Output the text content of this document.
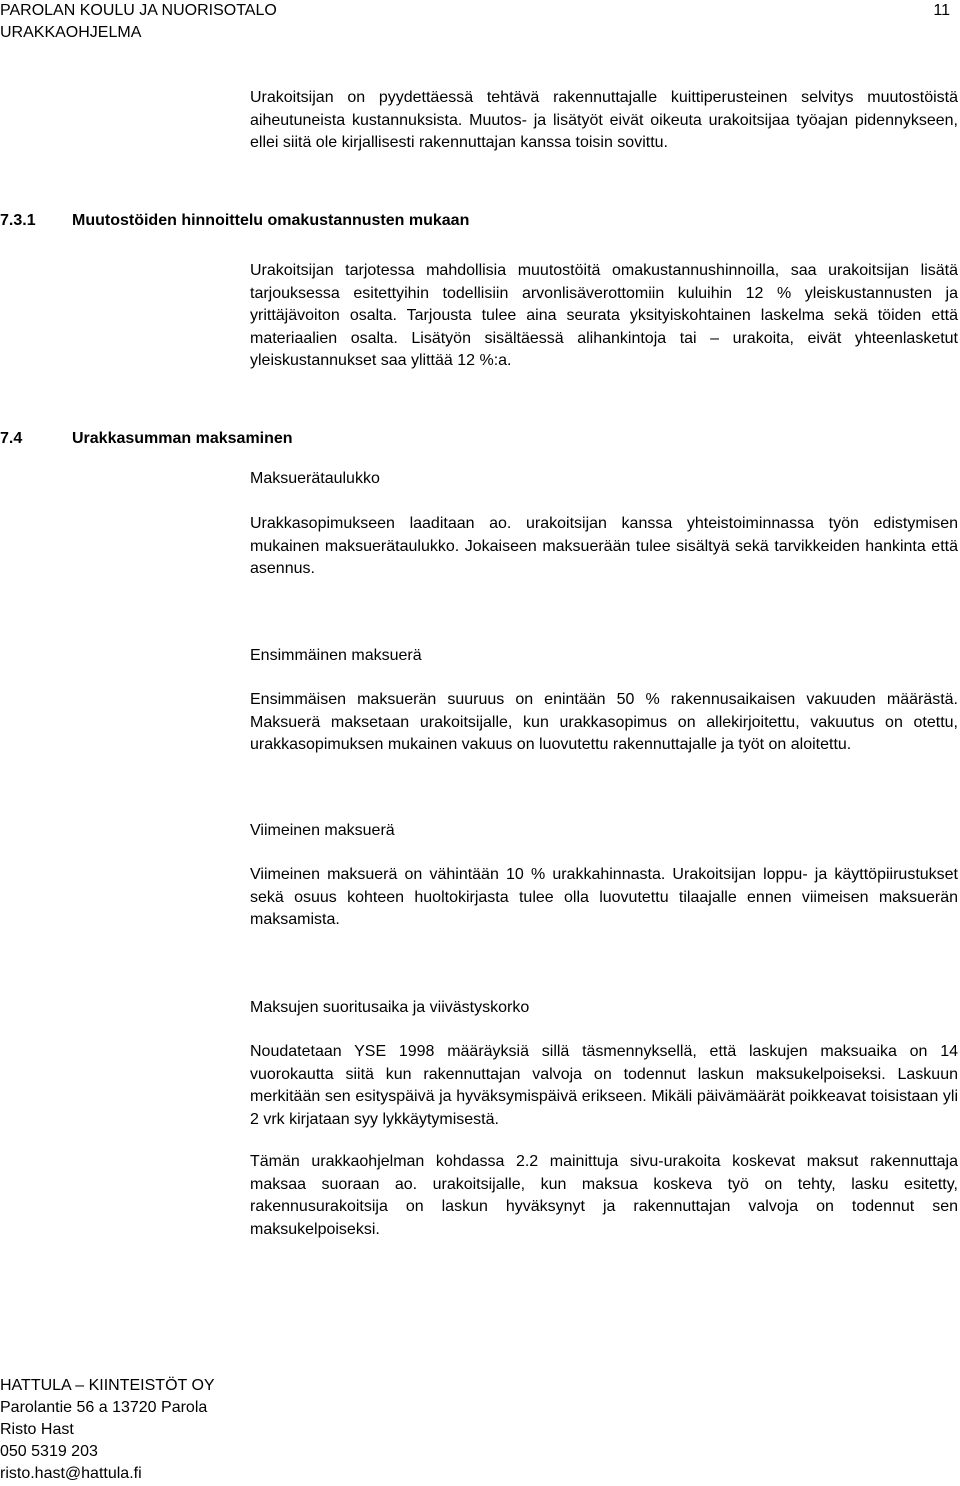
PAROLAN KOULU JA NUORISOTALO
URAKKAOHJELMA
11

Urakoitsijan on pyydettäessä tehtävä rakennuttajalle kuittiperusteinen selvitys muutostöistä aiheutuneista kustannuksista. Muutos- ja lisätyöt eivät oikeuta urakoitsijaa työajan pidennykseen, ellei siitä ole kirjallisesti rakennuttajan kanssa toisin sovittu.

7.3.1 Muutostöiden hinnoittelu omakustannusten mukaan

Urakoitsijan tarjotessa mahdollisia muutostöitä omakustannushinnoilla, saa urakoitsijan lisätä tarjouksessa esitettyihin todellisiin arvonlisäverottomiin kuluihin 12 % yleiskustannusten ja yrittäjävoiton osalta. Tarjousta tulee aina seurata yksityiskohtainen laskelma sekä töiden että materiaalien osalta. Lisätyön sisältäessä alihankintoja tai – urakoita, eivät yhteenlasketut yleiskustannukset saa ylittää 12 %:a.

7.4	Urakkasumman maksaminen
Maksuerätaulukko

Urakkasopimukseen laaditaan ao. urakoitsijan kanssa yhteistoiminnassa työn edistymisen mukainen maksuerätaulukko. Jokaiseen maksuerään tulee sisältyä sekä tarvikkeiden hankinta että asennus.

Ensimmäinen maksuerä

Ensimmäisen maksuerän suuruus on enintään 50 % rakennusaikaisen vakuuden määrästä. Maksuerä maksetaan urakoitsijalle, kun urakkasopimus on allekirjoitettu, vakuutus on otettu, urakkasopimuksen mukainen vakuus on luovutettu rakennuttajalle ja työt on aloitettu.

Viimeinen maksuerä

Viimeinen maksuerä on vähintään 10 % urakkahinnasta. Urakoitsijan loppu- ja käyttöpiirustukset sekä osuus kohteen huoltokirjasta tulee olla luovutettu tilaajalle ennen viimeisen maksuerän maksamista.

Maksujen suoritusaika ja viivästyskorko

Noudatetaan YSE 1998 määräyksiä sillä täsmennyksellä, että laskujen maksuaika on 14 vuorokautta siitä kun rakennuttajan valvoja on todennut laskun maksukelpoiseksi. Laskuun merkitään sen esityspäivä ja hyväksymispäivä erikseen. Mikäli päivämäärät poikkeavat toisistaan yli 2 vrk kirjataan syy lykkäytymisestä.

Tämän urakkaohjelman kohdassa 2.2 mainittuja sivu-urakoita koskevat maksut rakennuttaja maksaa suoraan ao. urakoitsijalle, kun maksua koskeva työ on tehty, lasku esitetty, rakennusurakoitsija on laskun hyväksynyt ja rakennuttajan valvoja on todennut sen maksukelpoiseksi.

HATTULA – KIINTEISTÖT OY
Parolantie 56 a 13720 Parola
Risto Hast
050 5319 203
risto.hast@hattula.fi
